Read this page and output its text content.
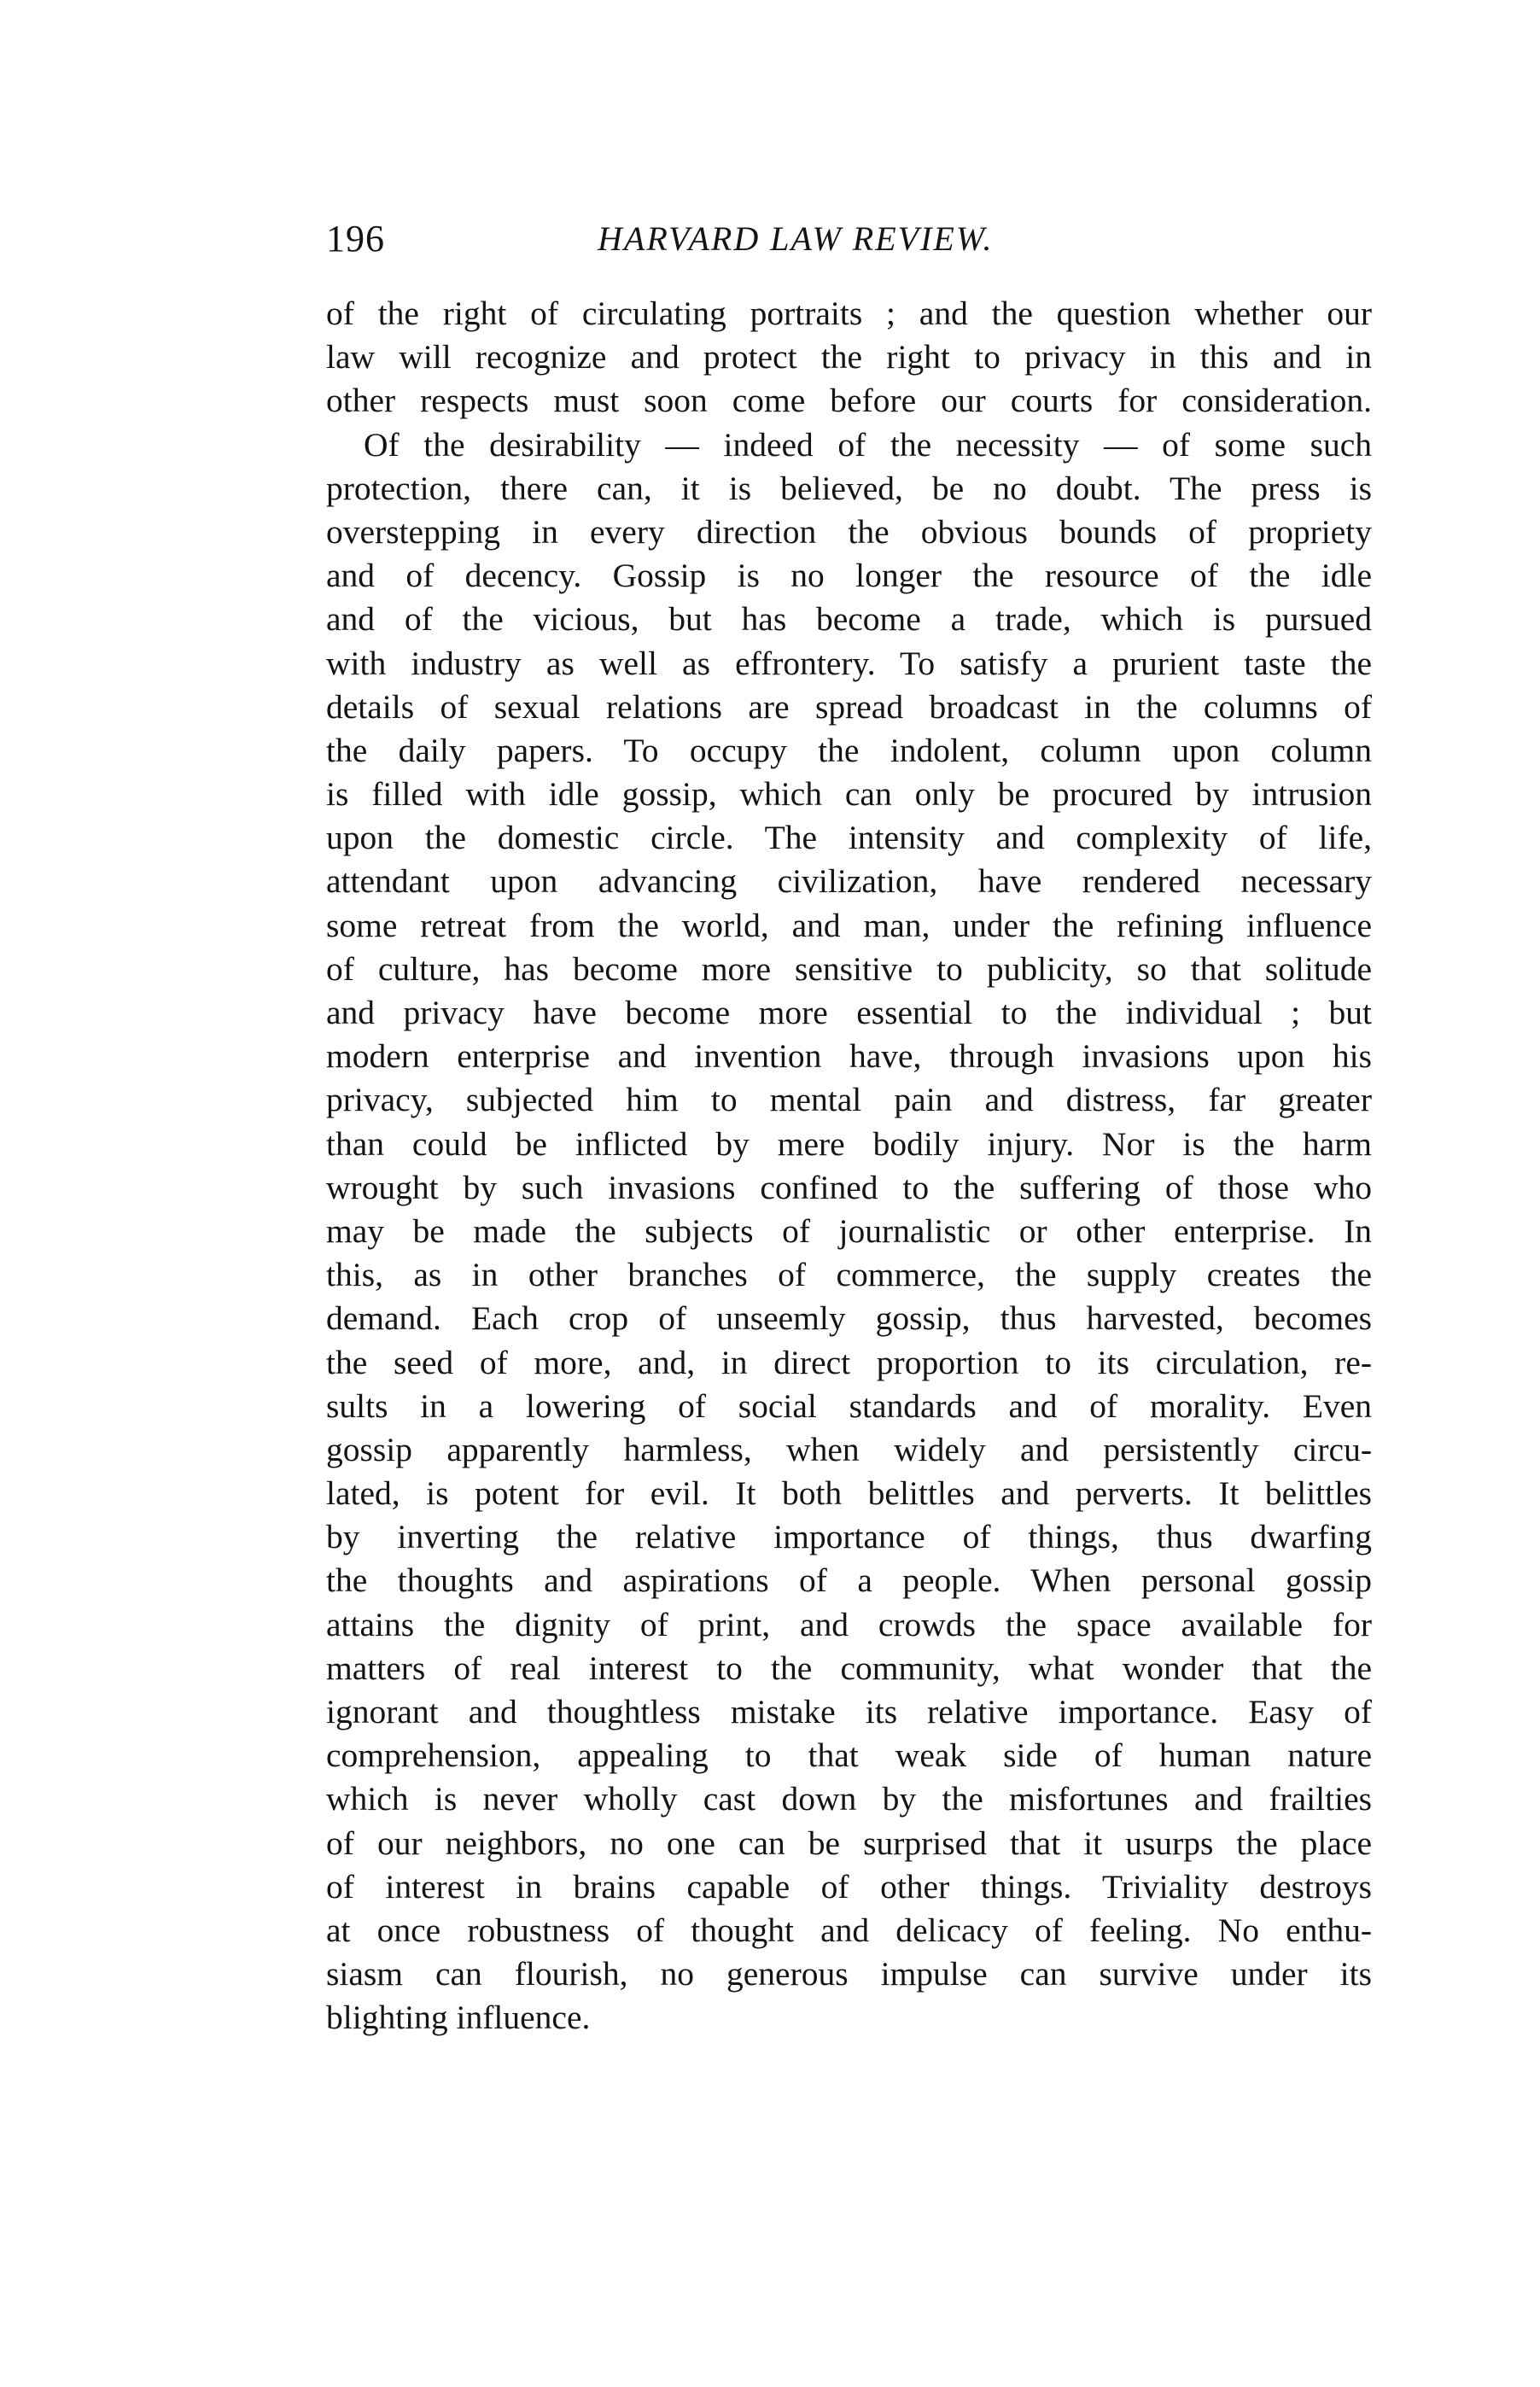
196	HARVARD LAW REVIEW.
of the right of circulating portraits ; and the question whether our
law will recognize and protect the right to privacy in this and in
other respects must soon come before our courts for consideration.
Of the desirability — indeed of the necessity — of some such
protection, there can, it is believed, be no doubt. The press is
overstepping in every direction the obvious bounds of propriety
and of decency. Gossip is no longer the resource of the idle
and of the vicious, but has become a trade, which is pursued
with industry as well as effrontery. To satisfy a prurient taste the
details of sexual relations are spread broadcast in the columns of
the daily papers. To occupy the indolent, column upon column
is filled with idle gossip, which can only be procured by intrusion
upon the domestic circle. The intensity and complexity of life,
attendant upon advancing civilization, have rendered necessary
some retreat from the world, and man, under the refining influence
of culture, has become more sensitive to publicity, so that solitude
and privacy have become more essential to the individual ; but
modern enterprise and invention have, through invasions upon his
privacy, subjected him to mental pain and distress, far greater
than could be inflicted by mere bodily injury. Nor is the harm
wrought by such invasions confined to the suffering of those who
may be made the subjects of journalistic or other enterprise. In
this, as in other branches of commerce, the supply creates the
demand. Each crop of unseemly gossip, thus harvested, becomes
the seed of more, and, in direct proportion to its circulation, re-
sults in a lowering of social standards and of morality. Even
gossip apparently harmless, when widely and persistently circu-
lated, is potent for evil. It both belittles and perverts. It belittles
by inverting the relative importance of things, thus dwarfing
the thoughts and aspirations of a people. When personal gossip
attains the dignity of print, and crowds the space available for
matters of real interest to the community, what wonder that the
ignorant and thoughtless mistake its relative importance. Easy of
comprehension, appealing to that weak side of human nature
which is never wholly cast down by the misfortunes and frailties
of our neighbors, no one can be surprised that it usurps the place
of interest in brains capable of other things. Triviality destroys
at once robustness of thought and delicacy of feeling. No enthu-
siasm can flourish, no generous impulse can survive under its
blighting influence.
